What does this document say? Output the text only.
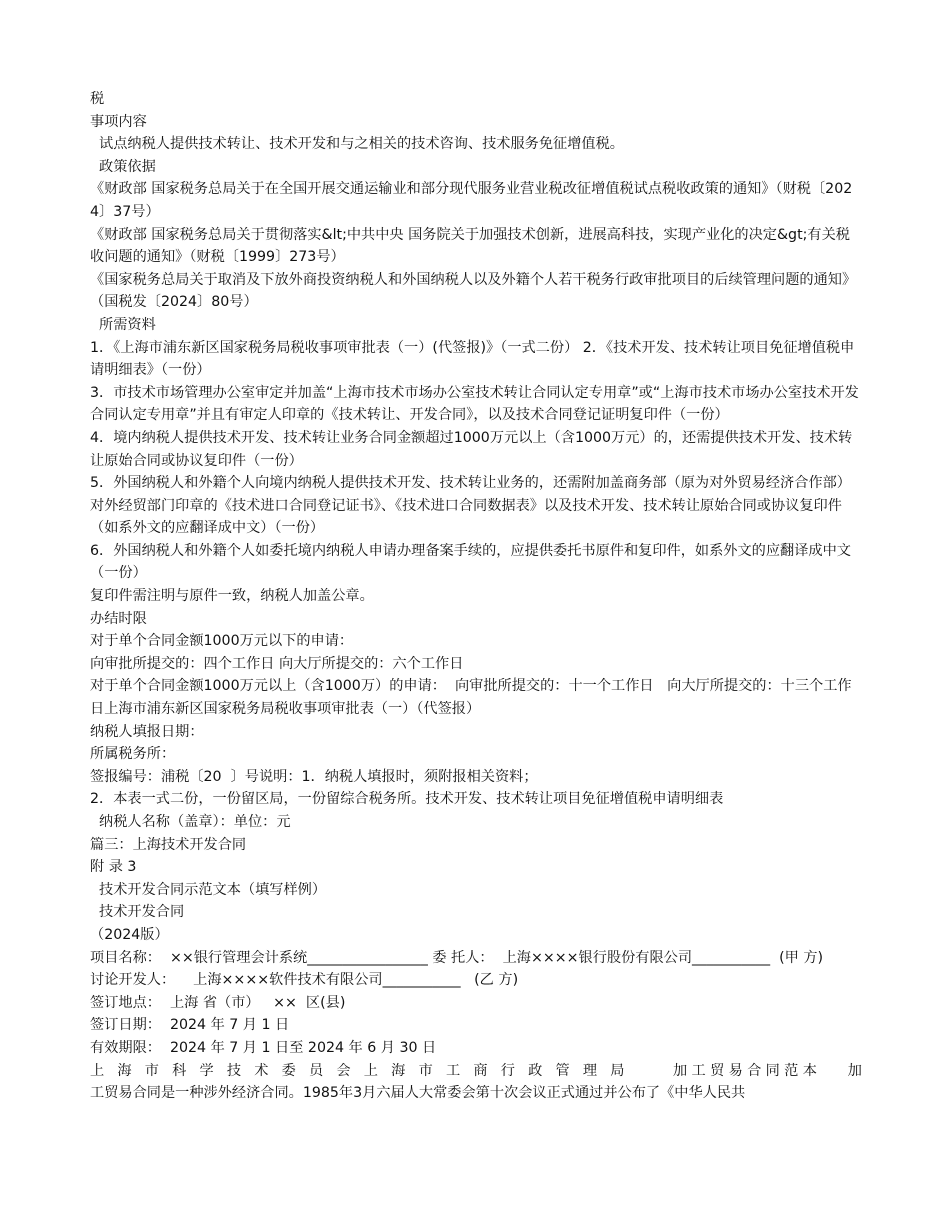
税

事项内容

试点纳税人提供技术转让、技术开发和与之相关的技术咨询、技术服务免征增值税。

政策依据

《财政部 国家税务总局关于在全国开展交通运输业和部分现代服务业营业税改征增值税试点税收政策的通知》（财税〔2024〕37号）

《财政部 国家税务总局关于贯彻落实&lt;中共中央 国务院关于加强技术创新，进展高科技，实现产业化的决定&gt;有关税收问题的通知》（财税〔1999〕273号）

《国家税务总局关于取消及下放外商投资纳税人和外国纳税人以及外籍个人若干税务行政审批项目的后续管理问题的通知》（国税发〔2024〕80号）

所需资料

1．《上海市浦东新区国家税务局税收事项审批表（一）(代签报)》（一式二份） 2．《技术开发、技术转让项目免征增值税申请明细表》（一份）

3．市技术市场管理办公室审定并加盖“上海市技术市场办公室技术转让合同认定专用章”或“上海市技术市场办公室技术开发合同认定专用章”并且有审定人印章的《技术转让、开发合同》，以及技术合同登记证明复印件（一份）

4．境内纳税人提供技术开发、技术转让业务合同金额超过1000万元以上（含1000万元）的，还需提供技术开发、技术转让原始合同或协议复印件（一份）

5．外国纳税人和外籍个人向境内纳税人提供技术开发、技术转让业务的，还需附加盖商务部（原为对外贸易经济合作部）对外经贸部门印章的《技术进口合同登记证书》、《技术进口合同数据表》以及技术开发、技术转让原始合同或协议复印件（如系外文的应翻译成中文）（一份）

6．外国纳税人和外籍个人如委托境内纳税人申请办理备案手续的，应提供委托书原件和复印件，如系外文的应翻译成中文（一份）

复印件需注明与原件一致，纳税人加盖公章。

办结时限

对于单个合同金额1000万元以下的申请：

向审批所提交的：四个工作日 向大厅所提交的：六个工作日

对于单个合同金额1000万元以上（含1000万）的申请：  向审批所提交的：十一个工作日   向大厅所提交的：十三个工作日上海市浦东新区国家税务局税收事项审批表（一）（代签报）

纳税人填报日期：

所属税务所：

签报编号：浦税〔20  〕号说明：1．纳税人填报时，须附报相关资料；

2．本表一式二份，一份留区局，一份留综合税务所。技术开发、技术转让项目免征增值税申请明细表

纳税人名称（盖章）：单位：元

篇三：上海技术开发合同

附 录 3

技术开发合同示范文本（填写样例）

技术开发合同

（2024版）

项目名称：  ××银行管理会计系统_________________ 委 托人：  上海××××银行股份有限公司___________  (甲 方)

讨论开发人：    上海××××软件技术有限公司___________   (乙 方)

签订地点：  上海 省（市）   ××  区(县)

签订日期：  2024 年 7 月 1 日

有效期限：  2024 年 7 月 1 日至 2024 年 6 月 30 日

上 海 市 科 学 技 术 委 员 会 上 海 市 工 商 行 政 管 理 局     加工贸易合同范本   加

工贸易合同是一种涉外经济合同。1985年3月六届人大常委会第十次会议正式通过并公布了《中华人民共
